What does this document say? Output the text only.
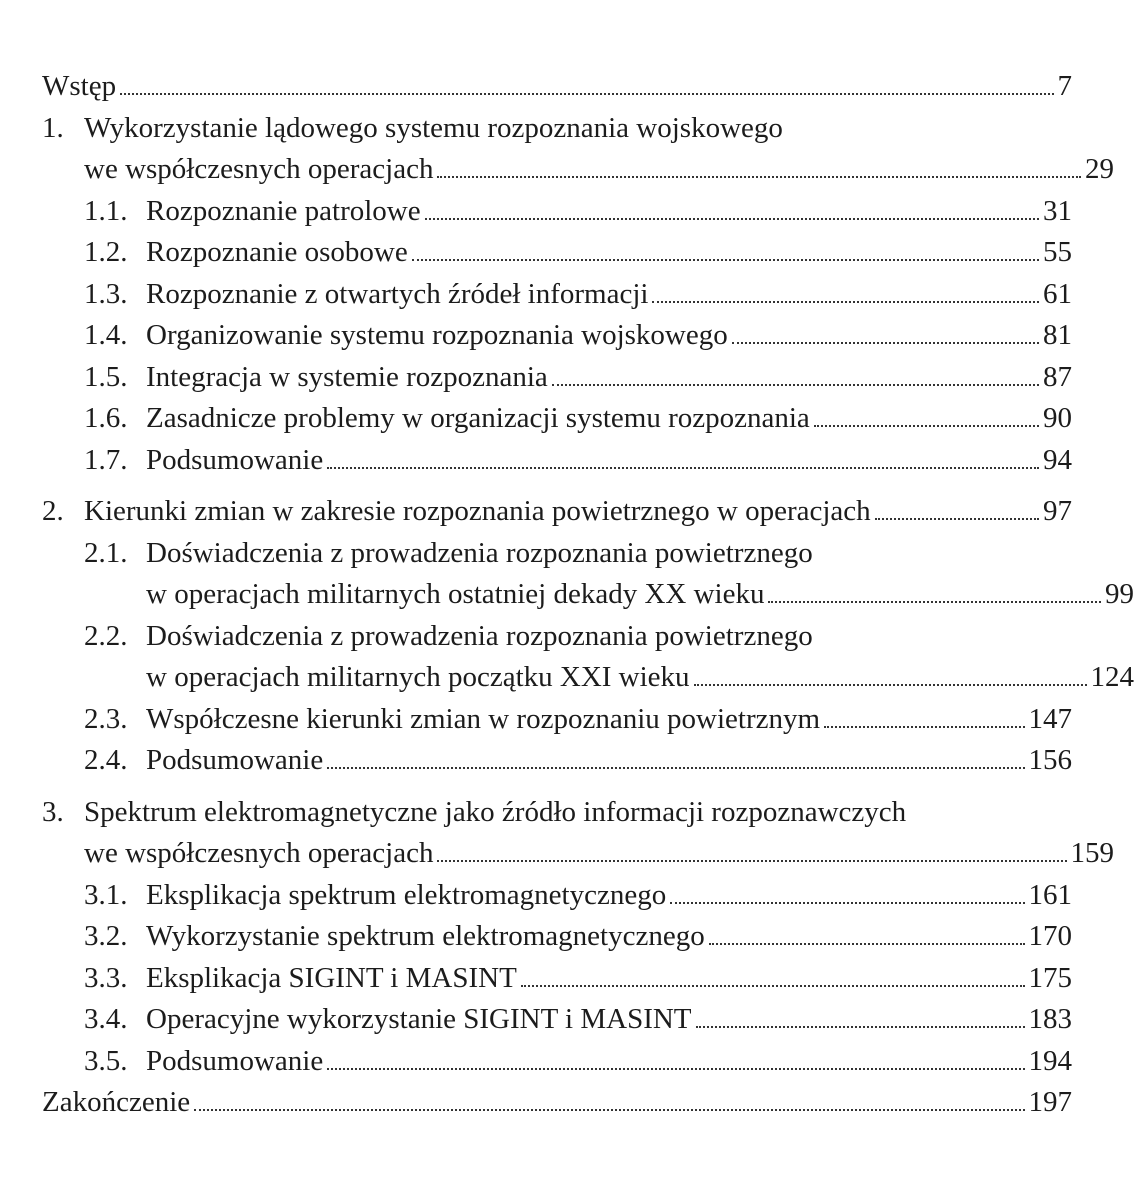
Wstęp	7
1. Wykorzystanie lądowego systemu rozpoznania wojskowego
we współczesnych operacjach	29
1.1. Rozpoznanie patrolowe	31
1.2. Rozpoznanie osobowe	55
1.3. Rozpoznanie z otwartych źródeł informacji	61
1.4. Organizowanie systemu rozpoznania wojskowego	81
1.5. Integracja w systemie rozpoznania	87
1.6. Zasadnicze problemy w organizacji systemu rozpoznania	90
1.7. Podsumowanie	94
2. Kierunki zmian w zakresie rozpoznania powietrznego w operacjach	97
2.1. Doświadczenia z prowadzenia rozpoznania powietrznego
w operacjach militarnych ostatniej dekady XX wieku	99
2.2. Doświadczenia z prowadzenia rozpoznania powietrznego
w operacjach militarnych początku XXI wieku	124
2.3. Współczesne kierunki zmian w rozpoznaniu powietrznym	147
2.4. Podsumowanie	156
3. Spektrum elektromagnetyczne jako źródło informacji rozpoznawczych
we współczesnych operacjach	159
3.1. Eksplikacja spektrum elektromagnetycznego	161
3.2. Wykorzystanie spektrum elektromagnetycznego	170
3.3. Eksplikacja SIGINT i MASINT	175
3.4. Operacyjne wykorzystanie SIGINT i MASINT	183
3.5. Podsumowanie	194
Zakończenie	197
